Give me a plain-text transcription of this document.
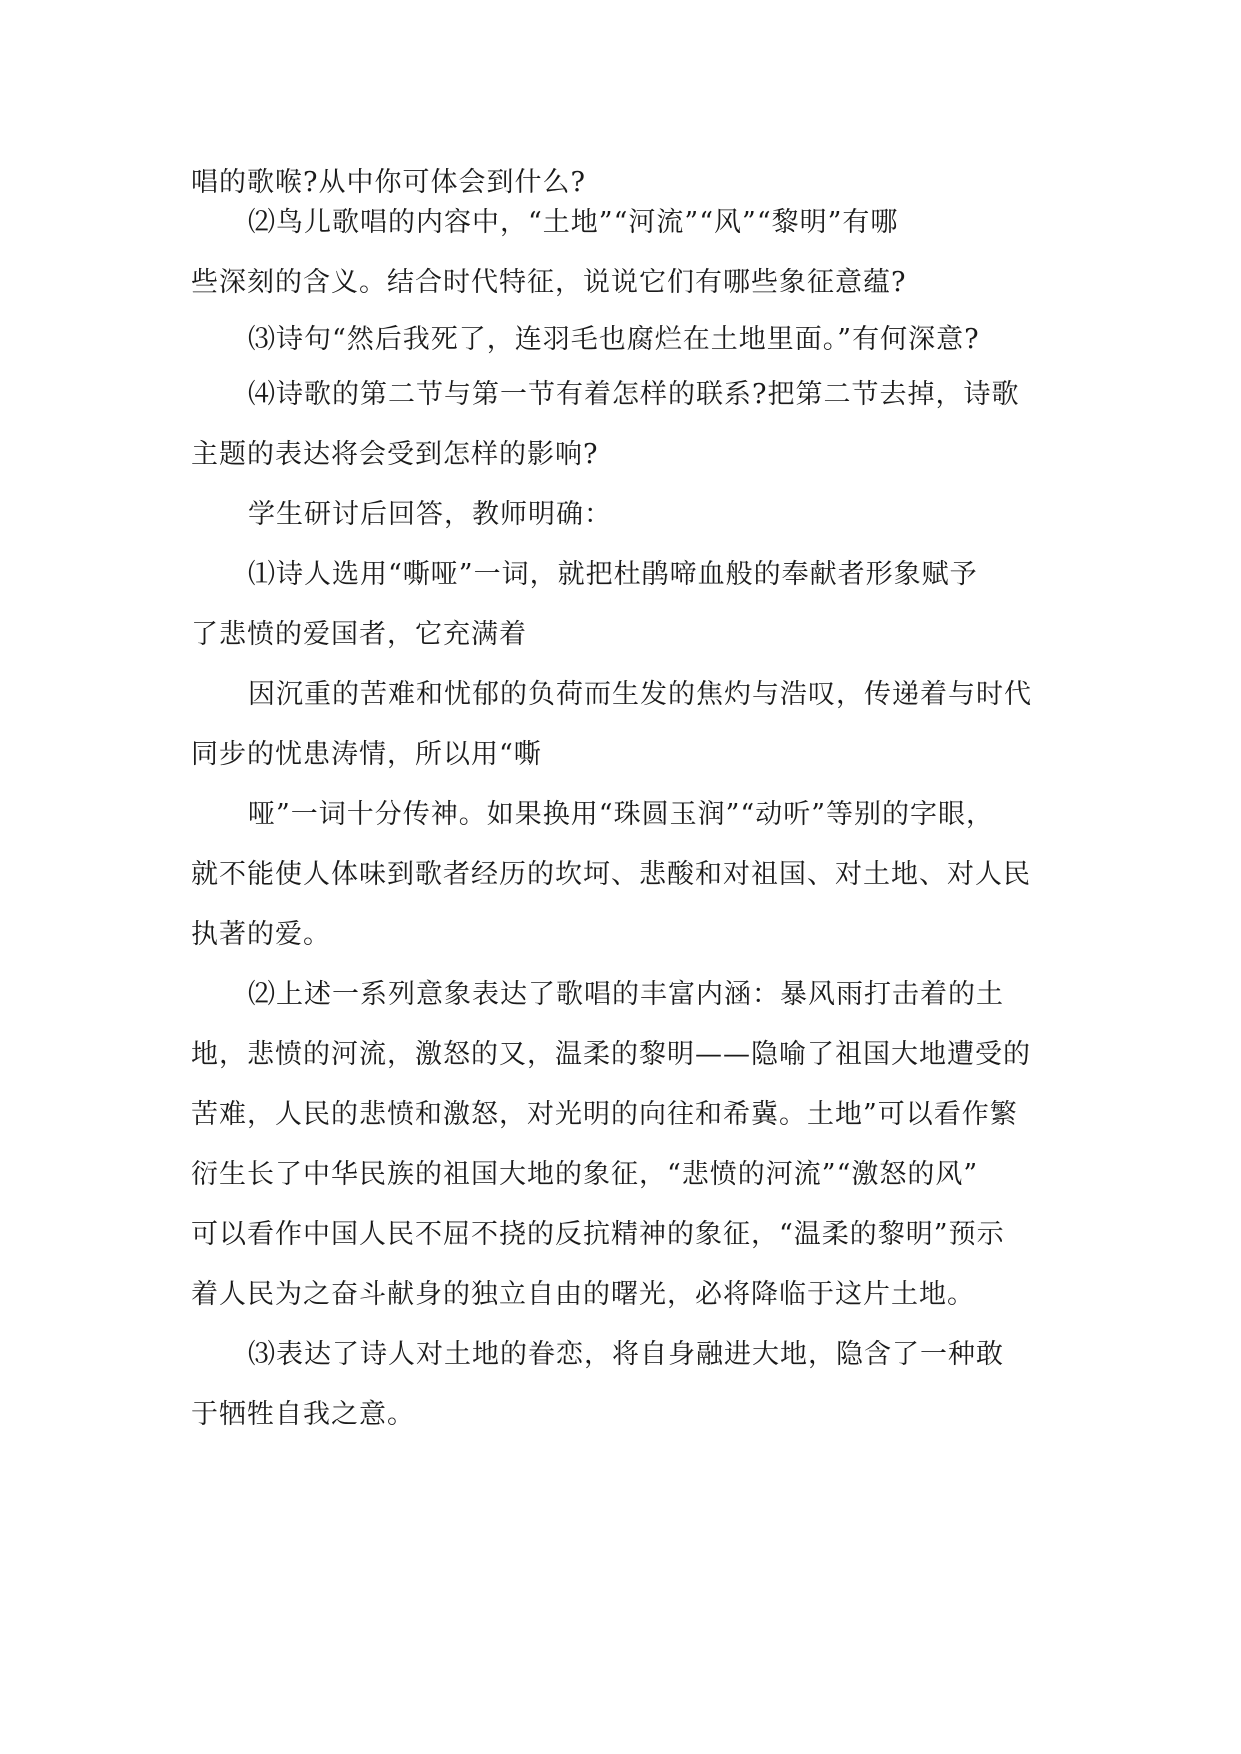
唱的歌喉?从中你可体会到什么?
⑵鸟儿歌唱的内容中，“土地”“河流”“风”“黎明”有哪
些深刻的含义。结合时代特征，说说它们有哪些象征意蕴?
⑶诗句“然后我死了，连羽毛也腐烂在土地里面。”有何深意?
⑷诗歌的第二节与第一节有着怎样的联系?把第二节去掉，诗歌
主题的表达将会受到怎样的影响?
学生研讨后回答，教师明确：
⑴诗人选用“嘶哑”一词，就把杜鹃啼血般的奉献者形象赋予
了悲愤的爱国者，它充满着
因沉重的苦难和忧郁的负荷而生发的焦灼与浩叹，传递着与时代
同步的忧患涛情，所以用“嘶
哑”一词十分传神。如果换用“珠圆玉润”“动听”等别的字眼，
就不能使人体味到歌者经历的坎坷、悲酸和对祖国、对土地、对人民
执著的爱。
⑵上述一系列意象表达了歌唱的丰富内涵：暴风雨打击着的土
地，悲愤的河流，激怒的又，温柔的黎明——隐喻了祖国大地遭受的
苦难，人民的悲愤和激怒，对光明的向往和希冀。土地”可以看作繁
衍生长了中华民族的祖国大地的象征，“悲愤的河流”“激怒的风”
可以看作中国人民不屈不挠的反抗精神的象征，“温柔的黎明”预示
着人民为之奋斗献身的独立自由的曙光，必将降临于这片土地。
⑶表达了诗人对土地的眷恋，将自身融进大地，隐含了一种敢
于牺牲自我之意。
